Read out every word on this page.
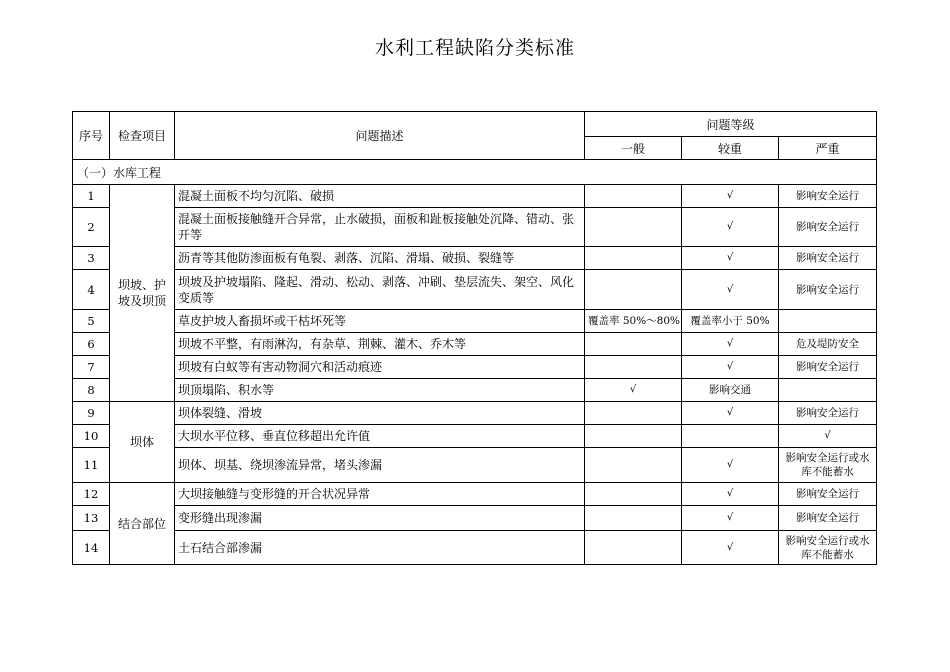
水利工程缺陷分类标准
序号	检查项目	问题描述	问题等级		
			一般	较重	严重
（一）水库工程					
1	坝坡、护坡及坝顶	混凝土面板不均匀沉陷、破损		√	影响安全运行
2		混凝土面板接触缝开合异常，止水破损，面板和趾板接触处沉降、错动、张开等		√	影响安全运行
3		沥青等其他防渗面板有龟裂、剥落、沉陷、滑塌、破损、裂缝等		√	影响安全运行
4		坝坡及护坡塌陷、隆起、滑动、松动、剥落、冲刷、垫层流失、架空、风化变质等		√	影响安全运行
5		草皮护坡人畜损坏或干枯坏死等	覆盖率 50%～80%	覆盖率小于 50%	
6		坝坡不平整，有雨淋沟，有杂草、荆棘、灌木、乔木等		√	危及堤防安全
7		坝坡有白蚁等有害动物洞穴和活动痕迹		√	影响安全运行
8		坝顶塌陷、积水等	√	影响交通	
9	坝体	坝体裂缝、滑坡		√	影响安全运行
10		大坝水平位移、垂直位移超出允许值			√
11		坝体、坝基、绕坝渗流异常，堵头渗漏		√	影响安全运行或水 库不能蓄水
12	结合部位	大坝接触缝与变形缝的开合状况异常		√	影响安全运行
13		变形缝出现渗漏		√	影响安全运行
14		土石结合部渗漏		√	影响安全运行或水 库不能蓄水
